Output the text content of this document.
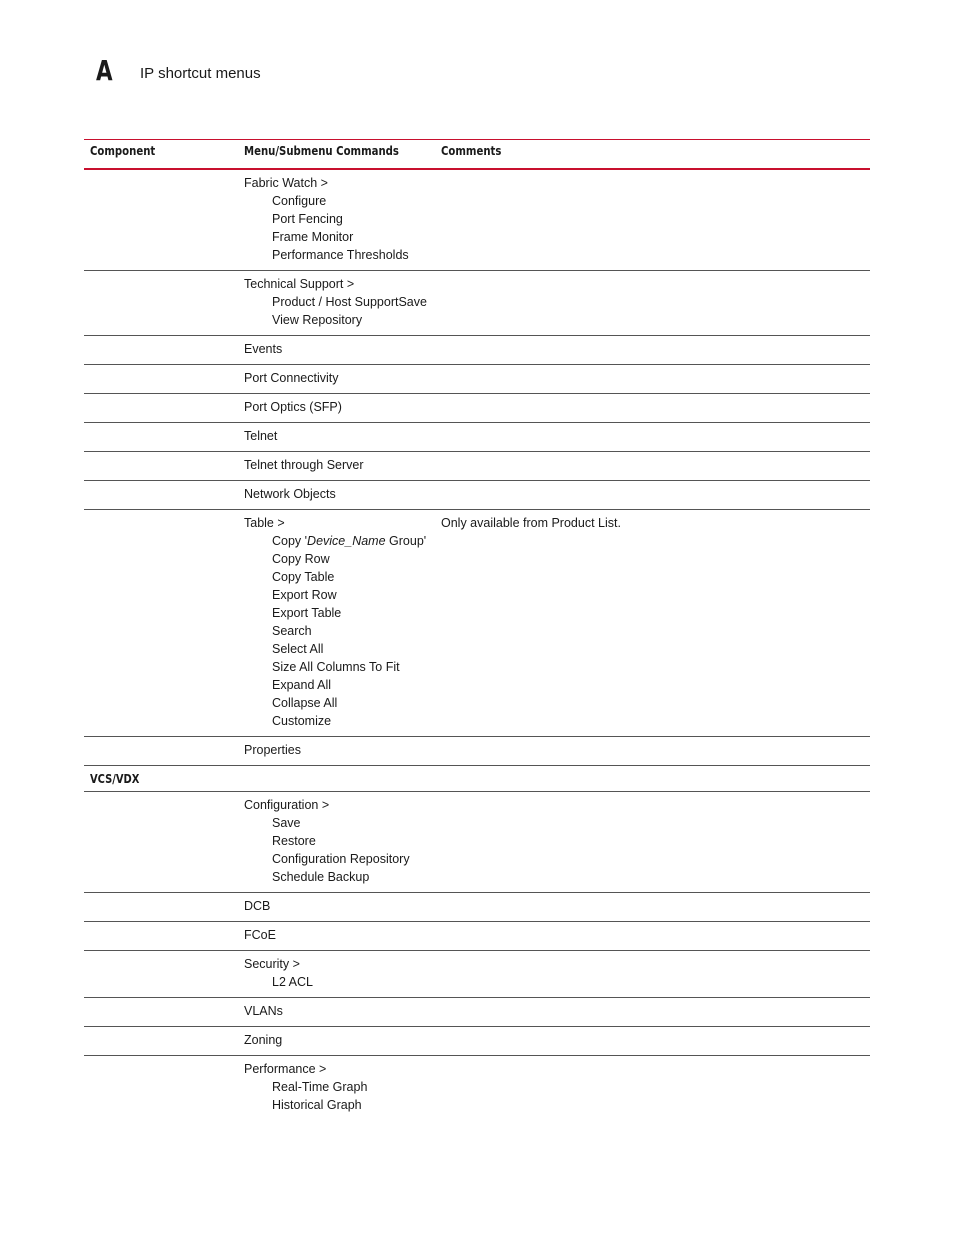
A IP shortcut menus
Component	Menu/Submenu Commands	Comments
Fabric Watch >
Configure
Port Fencing
Frame Monitor
Performance Thresholds
Technical Support >
Product / Host SupportSave
View Repository
Events
Port Connectivity
Port Optics (SFP)
Telnet
Telnet through Server
Network Objects
Table >
Copy 'Device_Name Group'
Copy Row
Copy Table
Export Row
Export Table
Search
Select All
Size All Columns To Fit
Expand All
Collapse All
Customize
Only available from Product List.
Properties
VCS/VDX
Configuration >
Save
Restore
Configuration Repository
Schedule Backup
DCB
FCoE
Security >
L2 ACL
VLANs
Zoning
Performance >
Real-Time Graph
Historical Graph
